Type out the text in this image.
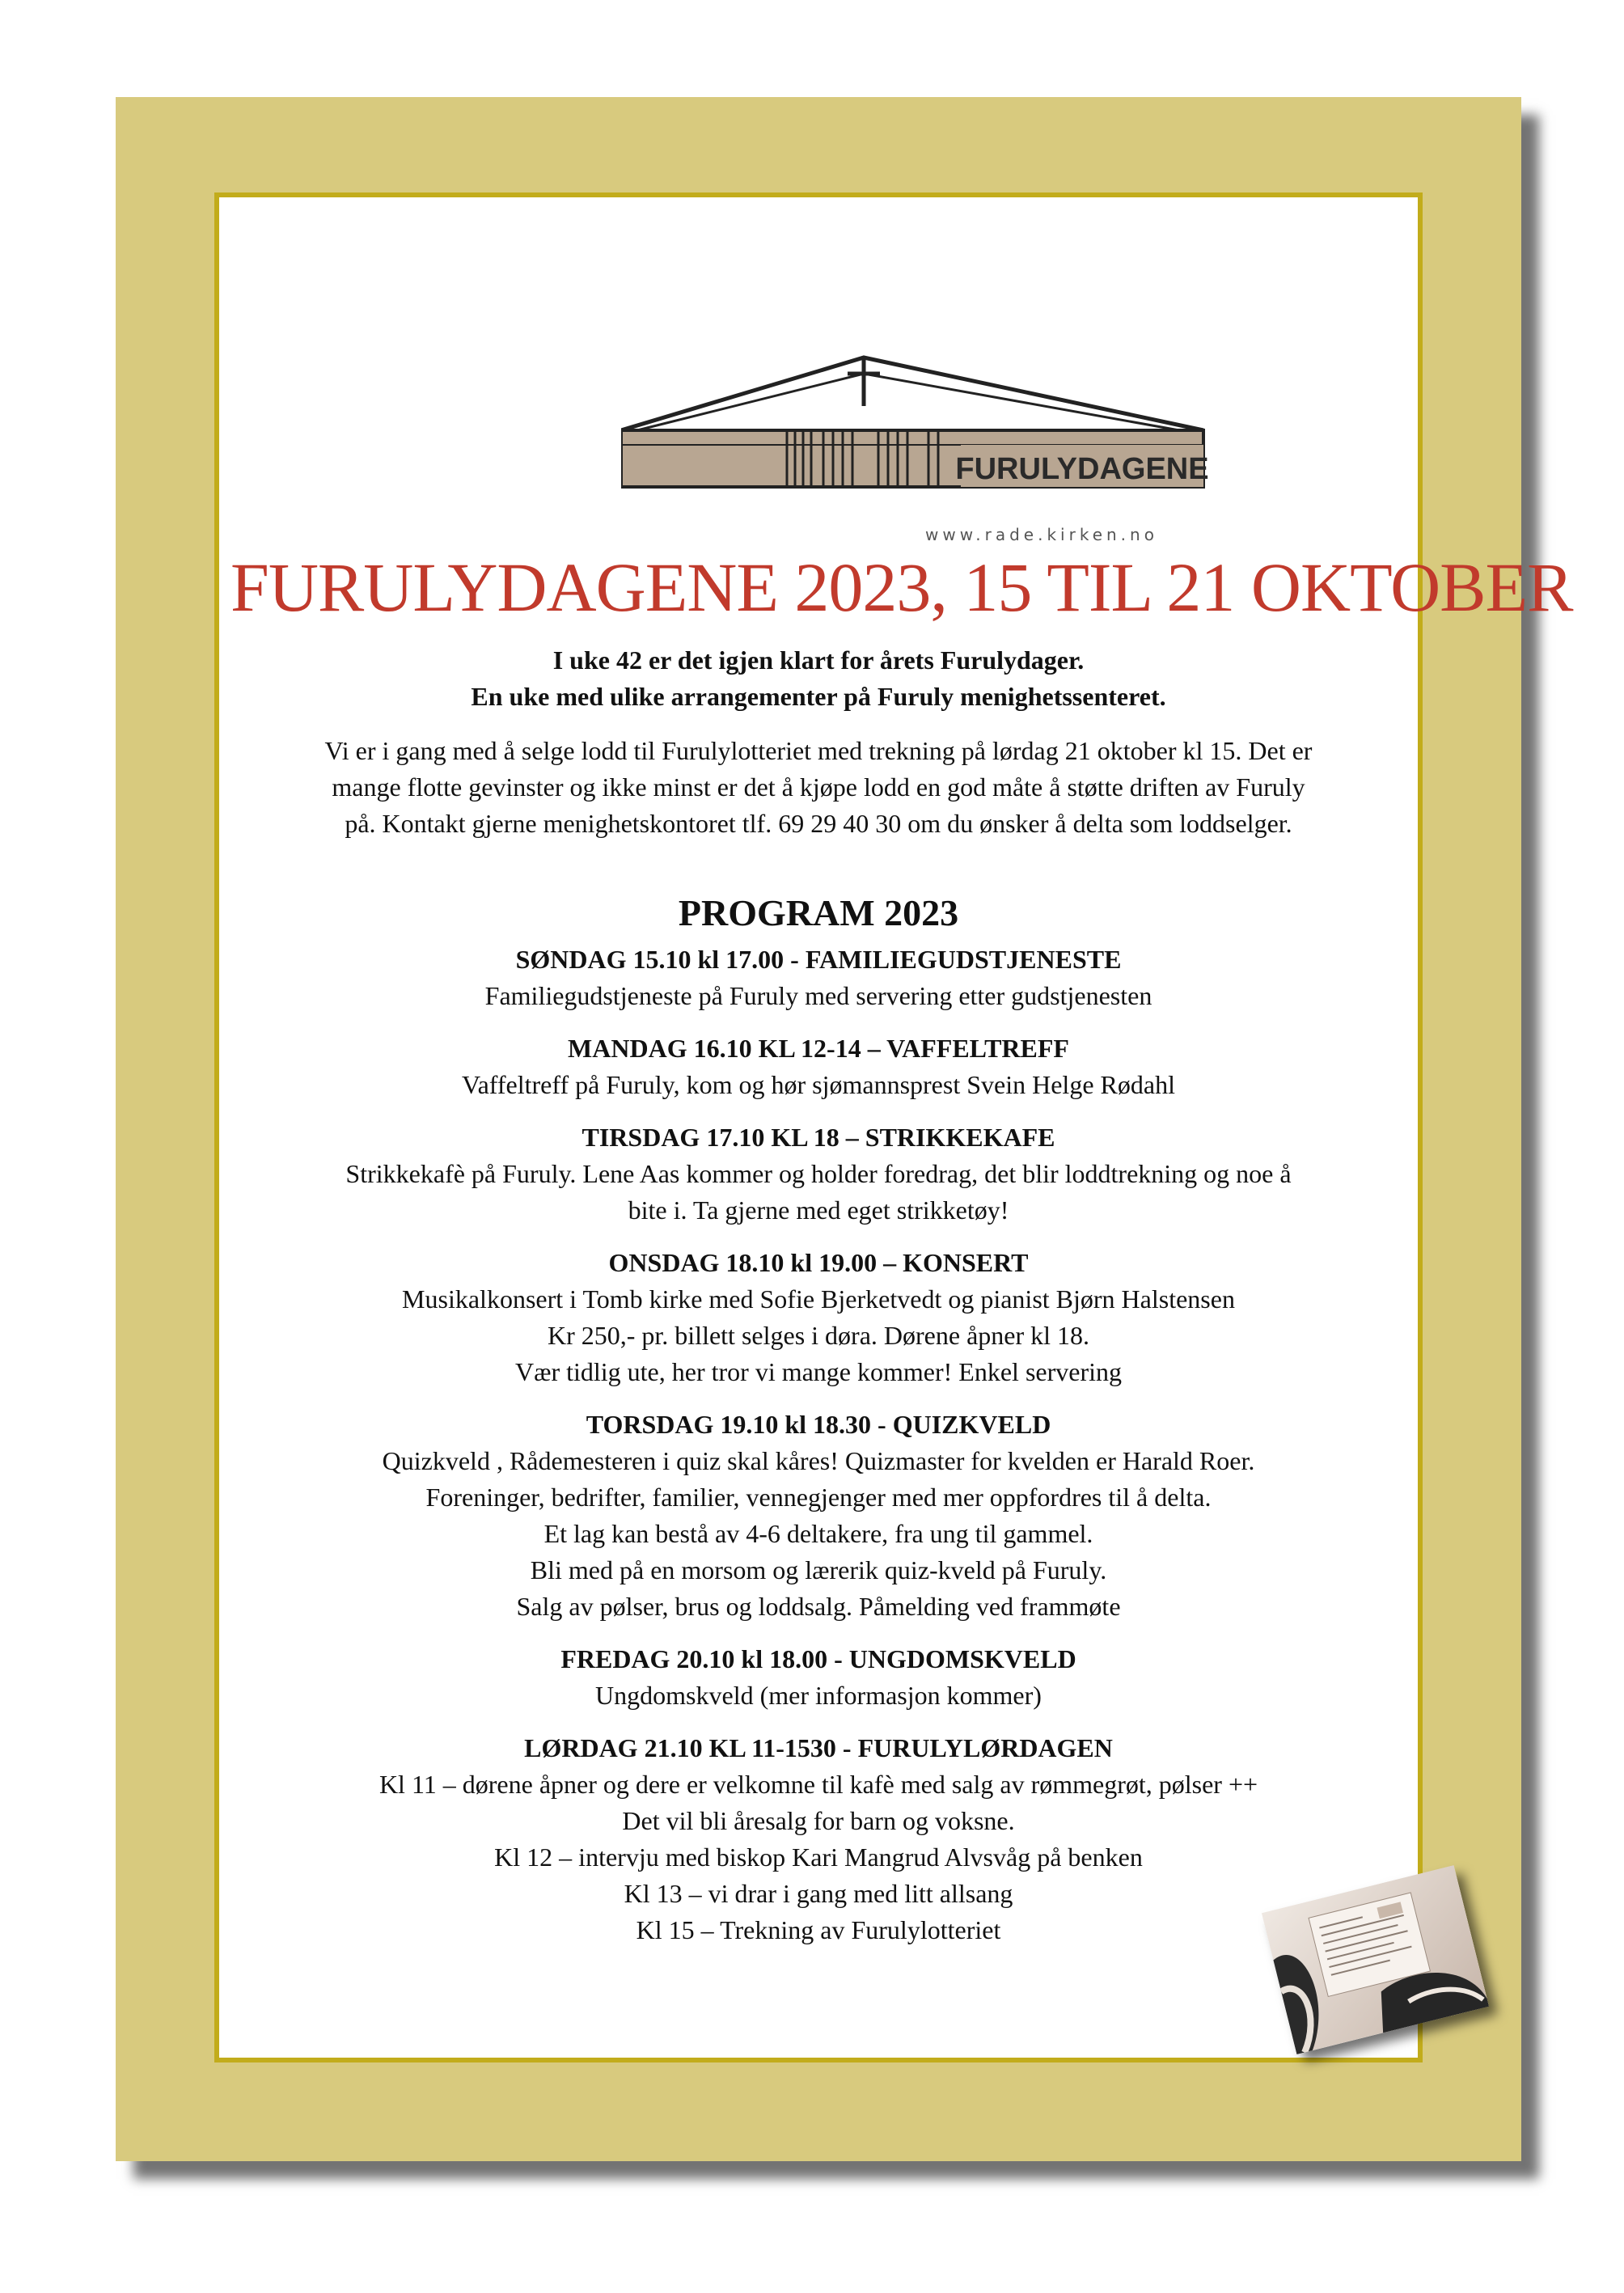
FURULYDAGENE
www.rade.kirken.no
FURULYDAGENE 2023, 15 TIL 21 OKTOBER
I uke 42 er det igjen klart for årets Furulydager.
En uke med ulike arrangementer på Furuly menighetssenteret.
Vi er i gang med å selge lodd til Furulylotteriet med trekning på lørdag 21 oktober kl 15. Det er
mange flotte gevinster og ikke minst er det å kjøpe lodd en god måte å støtte driften av Furuly
på. Kontakt gjerne menighetskontoret tlf. 69 29 40 30 om du ønsker å delta som loddselger.
PROGRAM 2023
SØNDAG 15.10 kl 17.00 - FAMILIEGUDSTJENESTE
Familiegudstjeneste på Furuly med servering etter gudstjenesten
MANDAG 16.10 KL 12-14 – VAFFELTREFF
Vaffeltreff på Furuly, kom og hør sjømannsprest Svein Helge Rødahl
TIRSDAG 17.10 KL 18 – STRIKKEKAFE
Strikkekafè på Furuly. Lene Aas kommer og holder foredrag, det blir loddtrekning og noe å
bite i. Ta gjerne med eget strikketøy!
ONSDAG 18.10 kl 19.00 – KONSERT
Musikalkonsert i Tomb kirke med Sofie Bjerketvedt og pianist Bjørn Halstensen
Kr 250,- pr. billett selges i døra. Dørene åpner kl 18.
Vær tidlig ute, her tror vi mange kommer! Enkel servering
TORSDAG 19.10 kl 18.30 - QUIZKVELD
Quizkveld , Rådemesteren i quiz skal kåres! Quizmaster for kvelden er Harald Roer.
Foreninger, bedrifter, familier, vennegjenger med mer oppfordres til å delta.
Et lag kan bestå av 4-6 deltakere, fra ung til gammel.
Bli med på en morsom og lærerik quiz-kveld på Furuly.
Salg av pølser, brus og loddsalg. Påmelding ved frammøte
FREDAG 20.10 kl 18.00 - UNGDOMSKVELD
Ungdomskveld (mer informasjon kommer)
LØRDAG 21.10 KL 11-1530 - FURULYLØRDAGEN
Kl 11 – dørene åpner og dere er velkomne til kafè med salg av rømmegrøt, pølser ++
Det vil bli åresalg for barn og voksne.
Kl 12 – intervju med biskop Kari Mangrud Alvsvåg på benken
Kl 13 – vi drar i gang med litt allsang
Kl 15 – Trekning av Furulylotteriet
